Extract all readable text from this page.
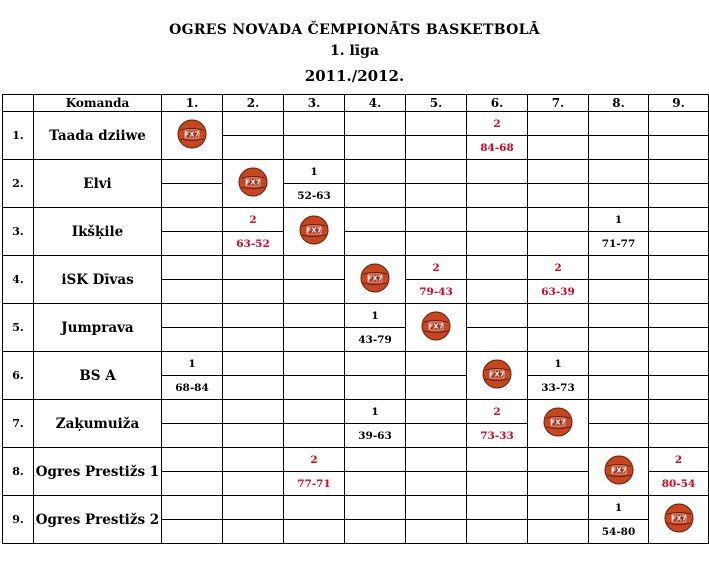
OGRES NOVADA ČEMPIONĀTS BASKETBOLĀ
1. līga
2011./2012.
	Komanda	1.	2.	3.	4.	5.	6.	7.	8.	9.
1.	Taada dziiwe	FX7					2			
							84-68			
2.	Elvi		FX7	1						
				52-63						
3.	Ikšķile		2	FX7					1	
			63-52						71-77	
4.	iSK Dīvas				FX7	2		2		
						79-43		63-39		
5.	Jumprava				1	FX7				

					43-79					
6.	BS A	1					FX7	1		
		68-84						33-73		
7.	Zaķumuiža				1		2	FX7		

					39-63		73-33			
8.	Ogres Prestižs 1			2					FX7	2
				77-71						80-54
9.	Ogres Prestižs 2								1	FX7

									54-80	
